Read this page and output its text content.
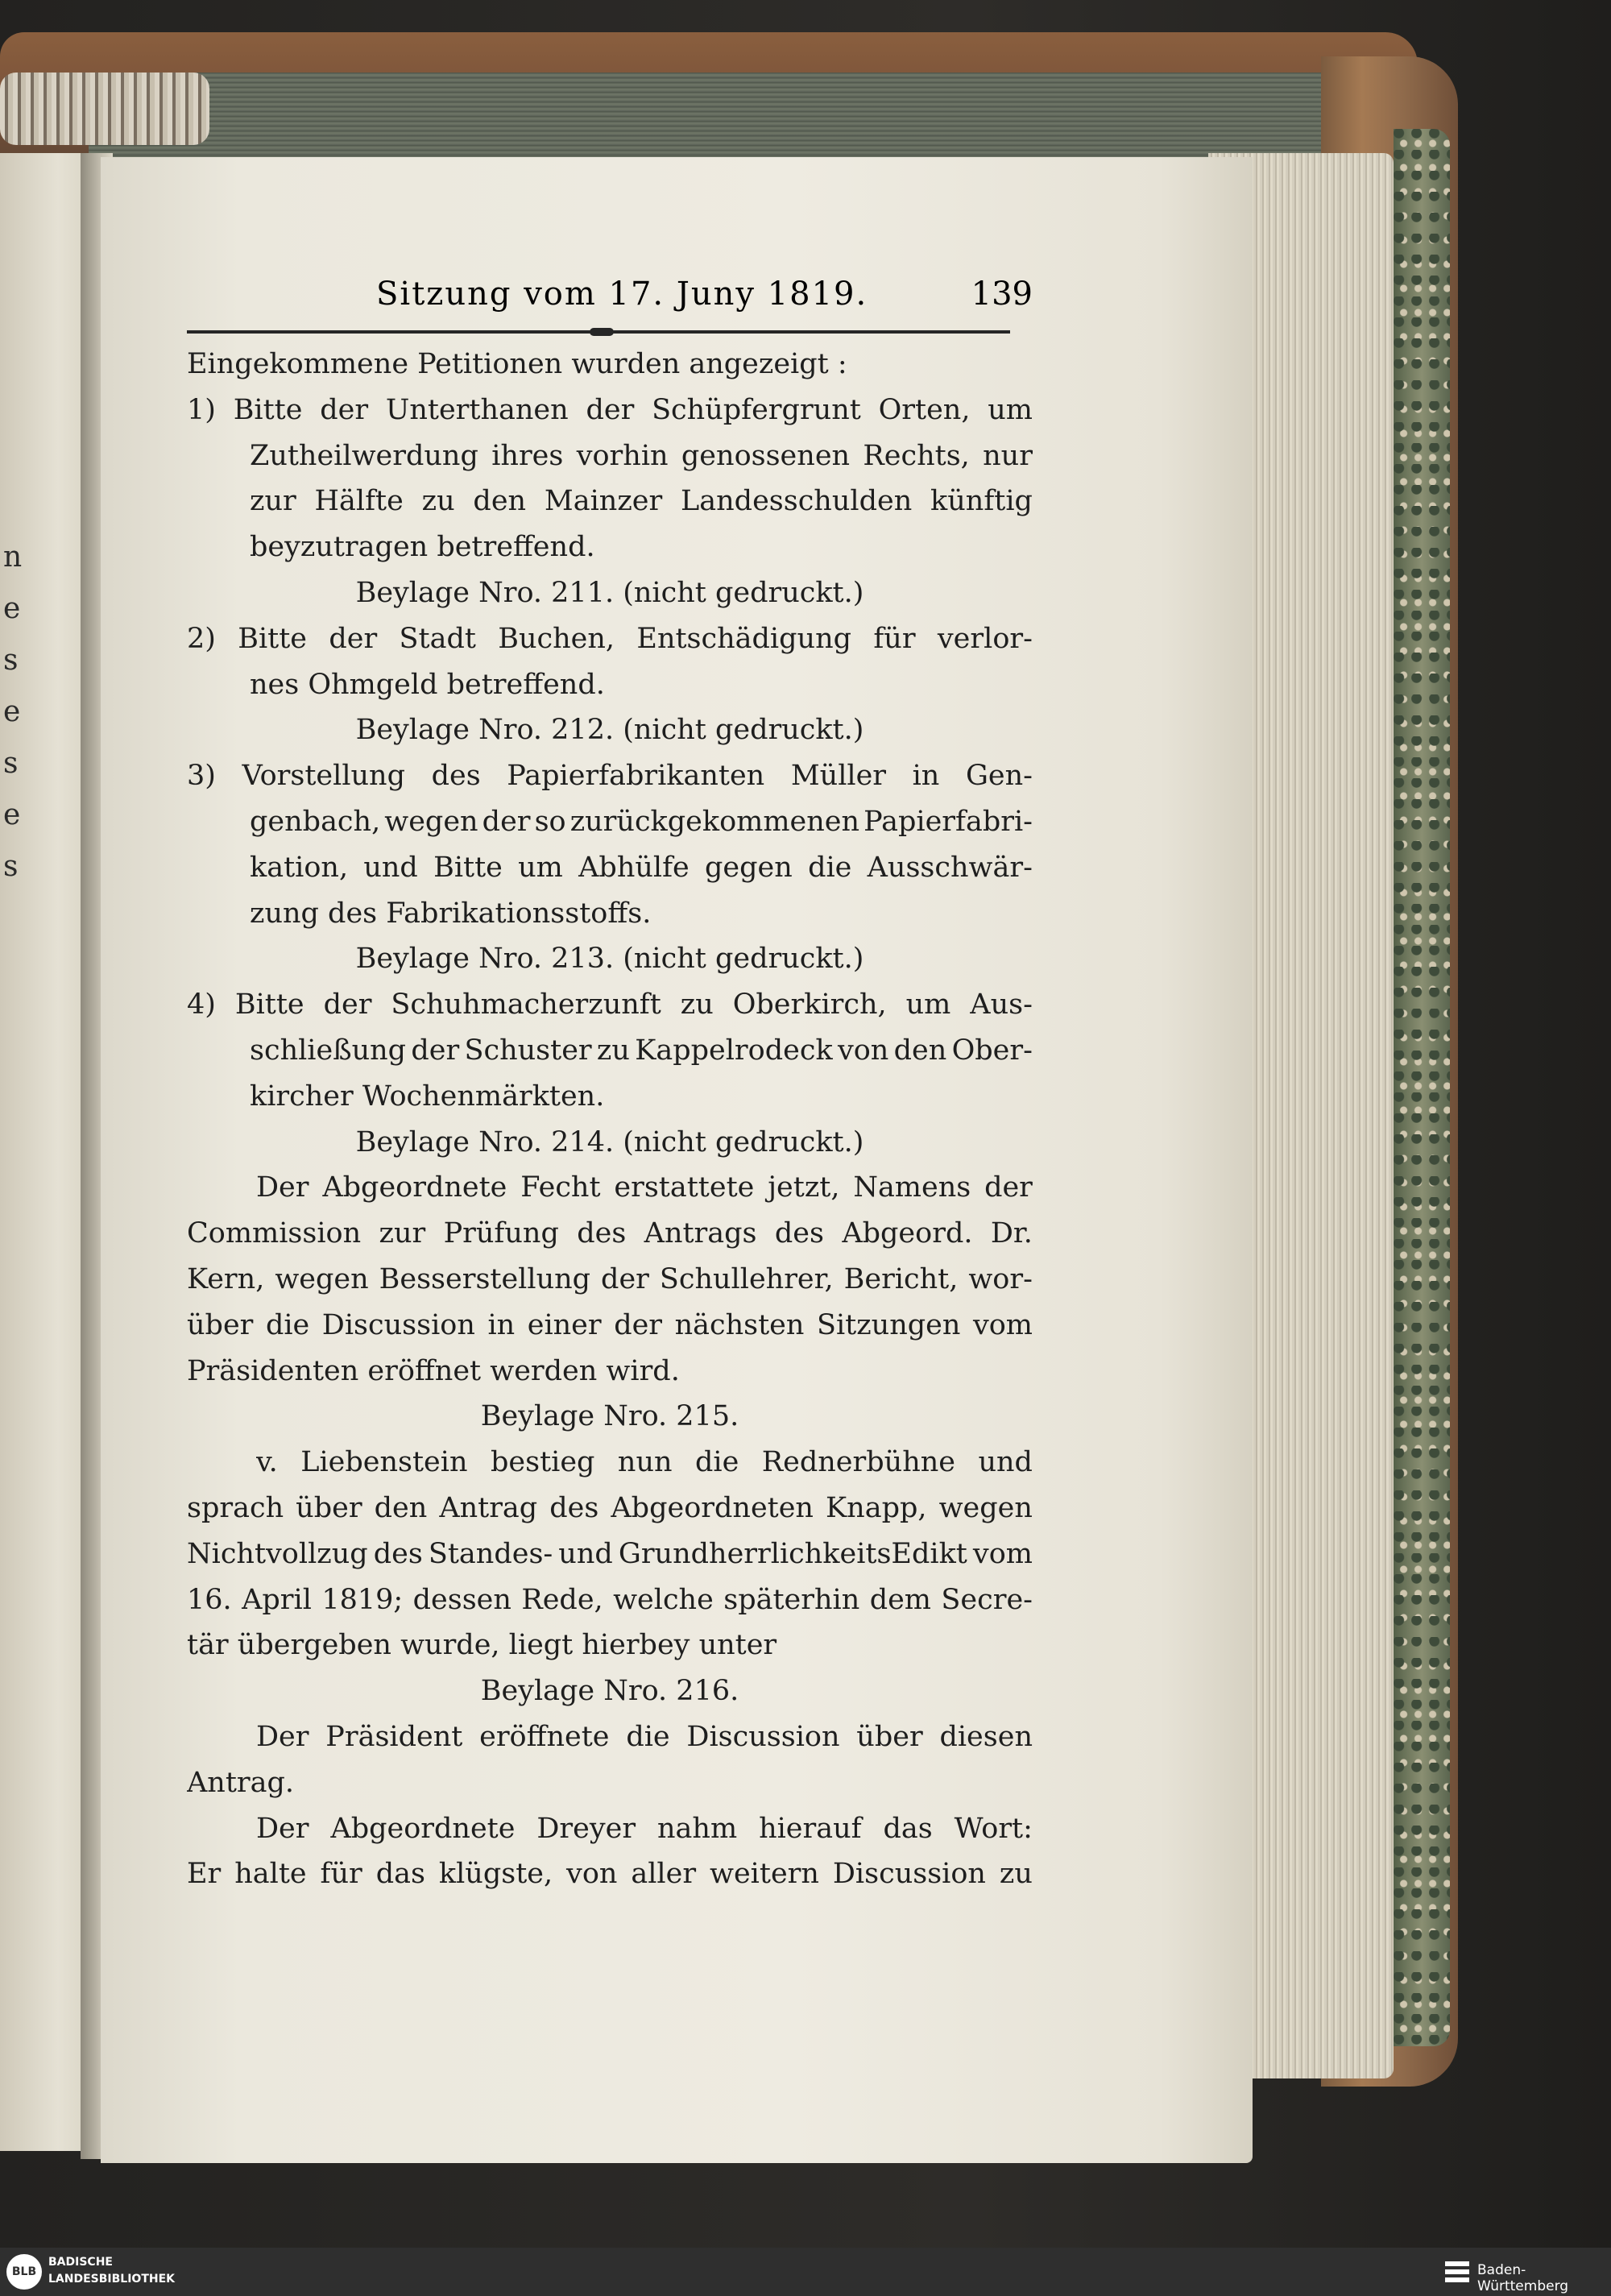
n
e
s
e
s
e
s
Sitzung vom 17. Juny 1819.	139
Eingekommene Petitionen wurden angezeigt :
1) Bitte der Unterthanen der Schüpfergrunt Orten, um
Zutheilwerdung ihres vorhin genossenen Rechts, nur
zur Hälfte zu den Mainzer Landesschulden künftig
beyzutragen betreffend.
Beylage Nro. 211. (nicht gedruckt.)
2) Bitte der Stadt Buchen, Entschädigung für verlor-
nes Ohmgeld betreffend.
Beylage Nro. 212. (nicht gedruckt.)
3) Vorstellung des Papierfabrikanten Müller in Gen-
genbach, wegen der so zurückgekommenen Papierfabri-
kation, und Bitte um Abhülfe gegen die Ausschwär-
zung des Fabrikationsstoffs.
Beylage Nro. 213. (nicht gedruckt.)
4) Bitte der Schuhmacherzunft zu Oberkirch, um Aus-
schließung der Schuster zu Kappelrodeck von den Ober-
kircher Wochenmärkten.
Beylage Nro. 214. (nicht gedruckt.)
Der Abgeordnete Fecht erstattete jetzt, Namens der
Commission zur Prüfung des Antrags des Abgeord. Dr.
Kern, wegen Besserstellung der Schullehrer, Bericht, wor-
über die Discussion in einer der nächsten Sitzungen vom
Präsidenten eröffnet werden wird.
Beylage Nro. 215.
v. Liebenstein bestieg nun die Rednerbühne und
sprach über den Antrag des Abgeordneten Knapp, wegen
Nichtvollzug des Standes- und GrundherrlichkeitsEdikt vom
16. April 1819; dessen Rede, welche späterhin dem Secre-
tär übergeben wurde, liegt hierbey unter
Beylage Nro. 216.
Der Präsident eröffnete die Discussion über diesen
Antrag.
Der Abgeordnete Dreyer nahm hierauf das Wort:
Er halte für das klügste, von aller weitern Discussion zu
BLB
BADISCHE
LANDESBIBLIOTHEK
Baden-Württemberg
